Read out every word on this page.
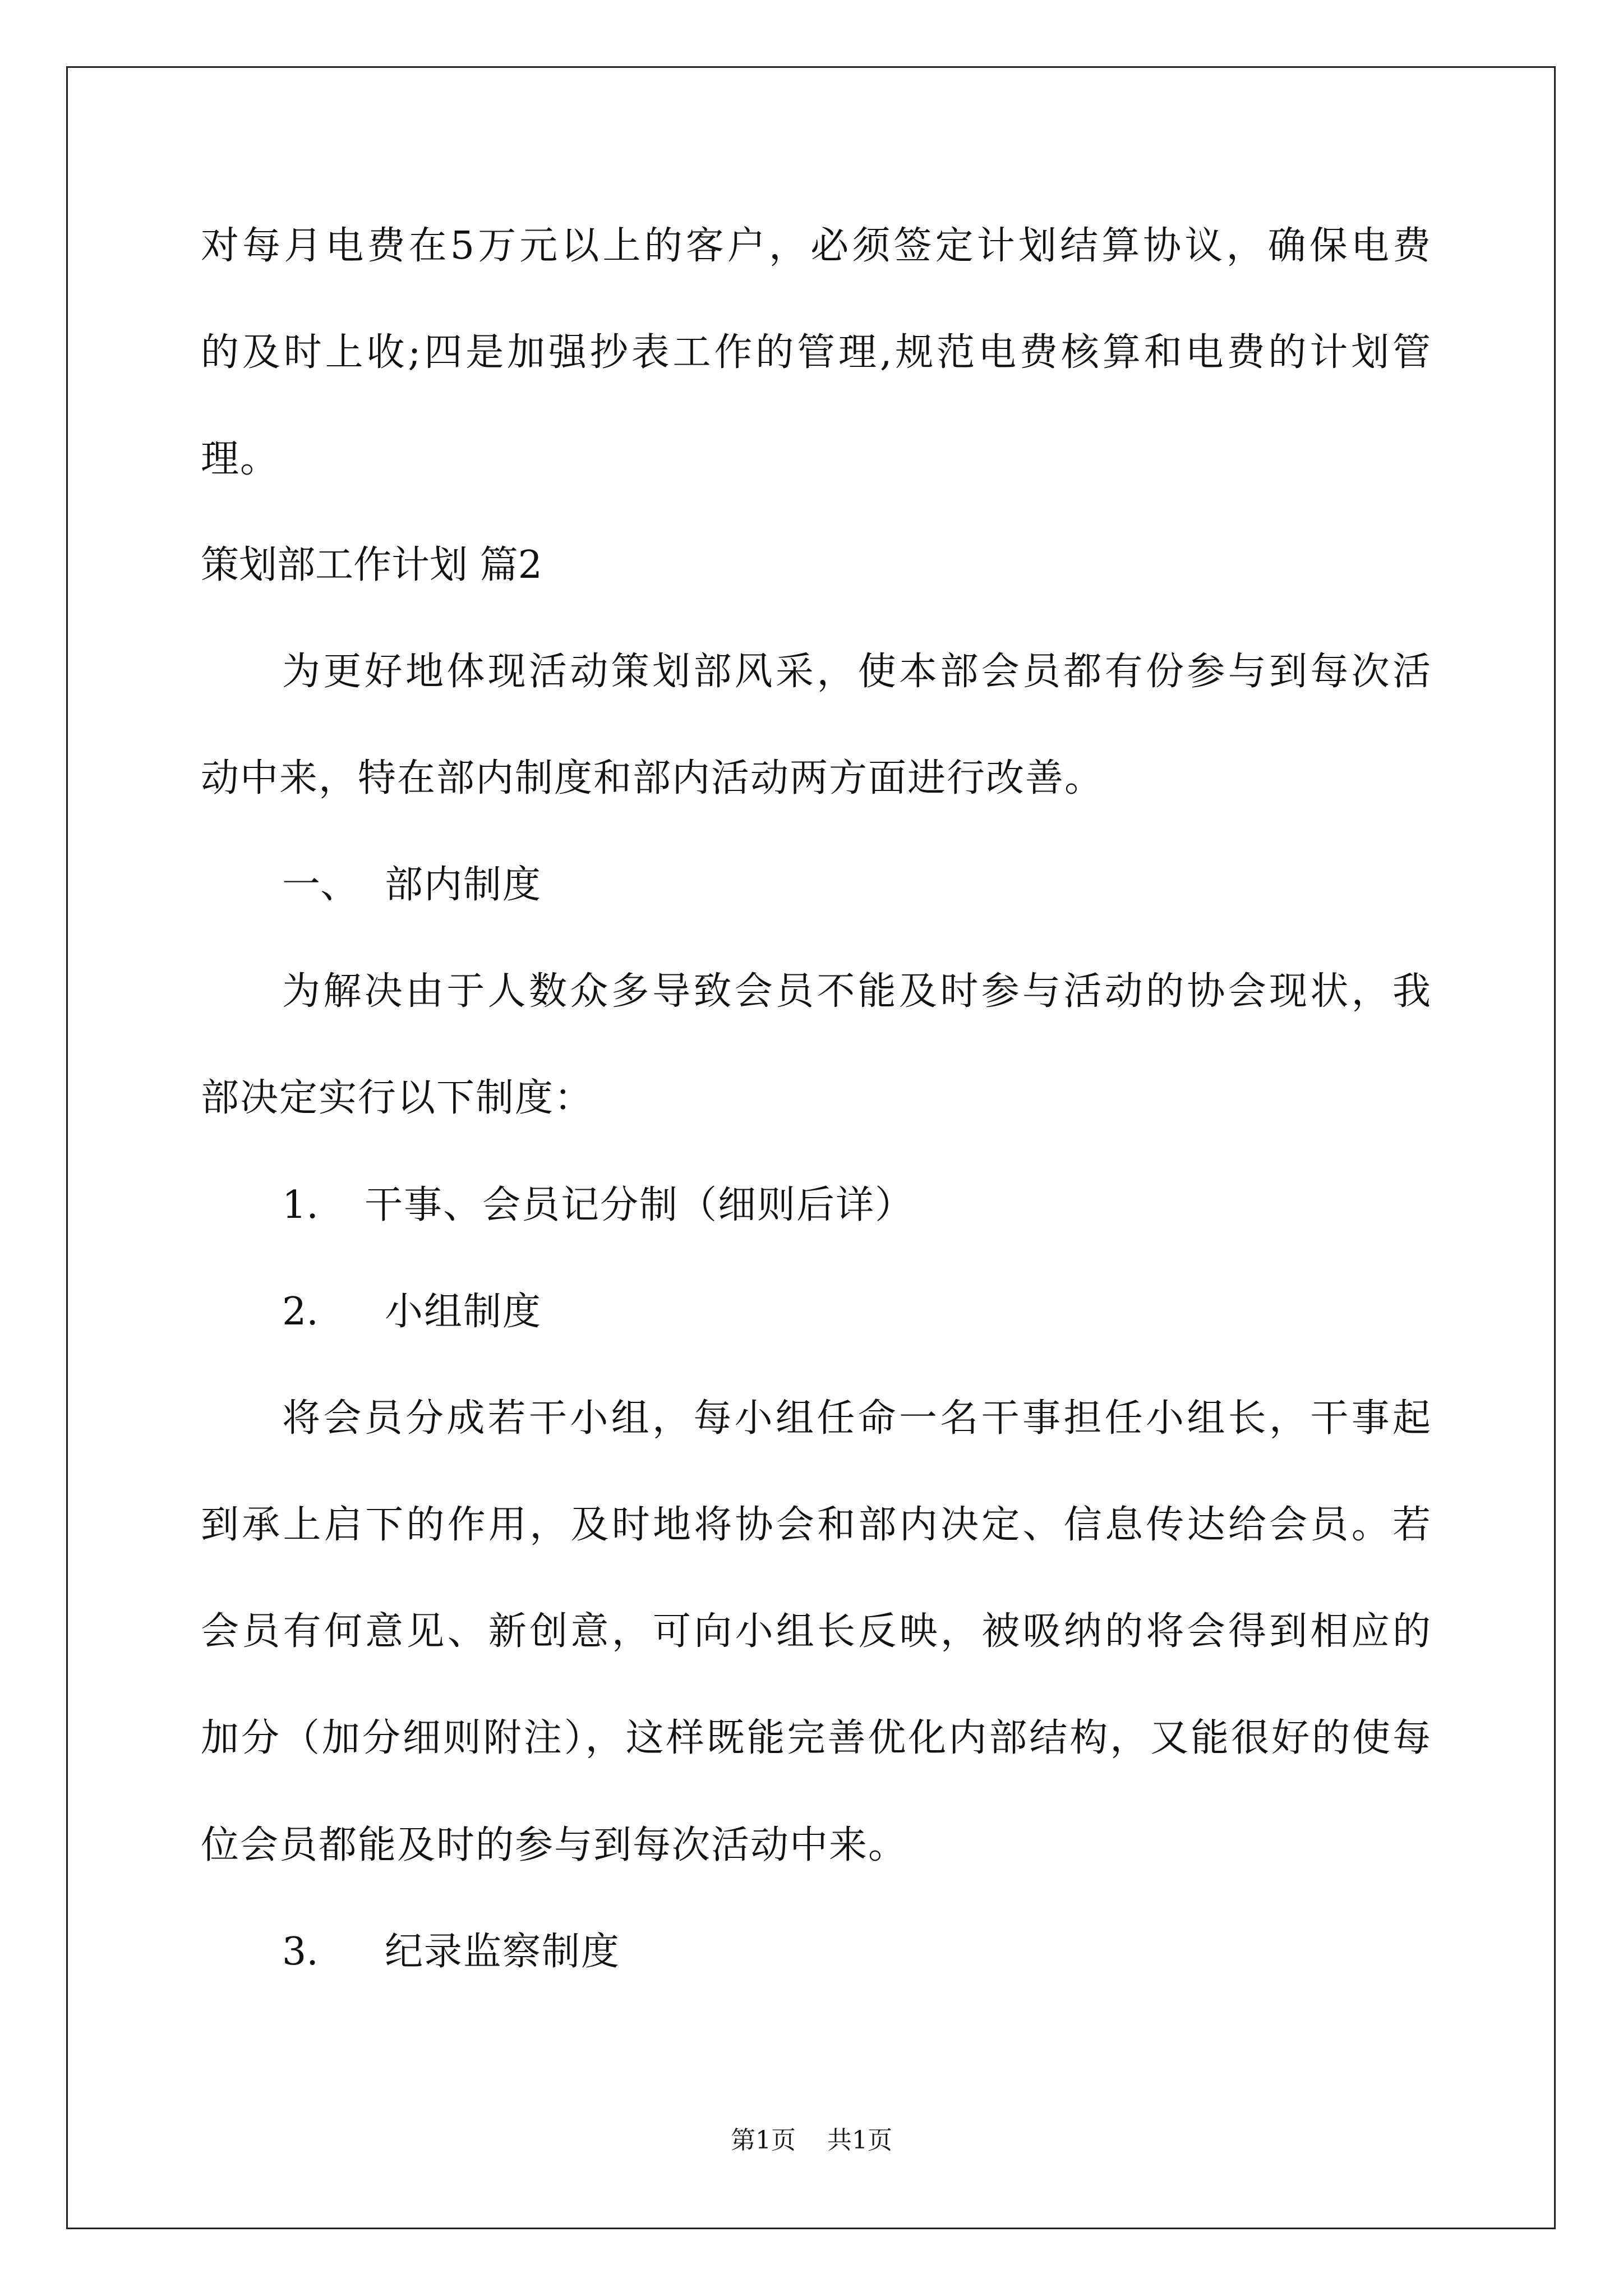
对每月电费在5万元以上的客户，必须签定计划结算协议，确保电费
的及时上收;四是加强抄表工作的管理,规范电费核算和电费的计划管
理。
策划部工作计划 篇2
为更好地体现活动策划部风采，使本部会员都有份参与到每次活
动中来，特在部内制度和部内活动两方面进行改善。
一、 部内制度
为解决由于人数众多导致会员不能及时参与活动的协会现状，我
部决定实行以下制度：
1. 干事、会员记分制（细则后详）
2. 小组制度
将会员分成若干小组，每小组任命一名干事担任小组长，干事起
到承上启下的作用，及时地将协会和部内决定、信息传达给会员。若
会员有何意见、新创意，可向小组长反映，被吸纳的将会得到相应的
加分（加分细则附注），这样既能完善优化内部结构，又能很好的使每
位会员都能及时的参与到每次活动中来。
3. 纪录监察制度
第1页    共1页
